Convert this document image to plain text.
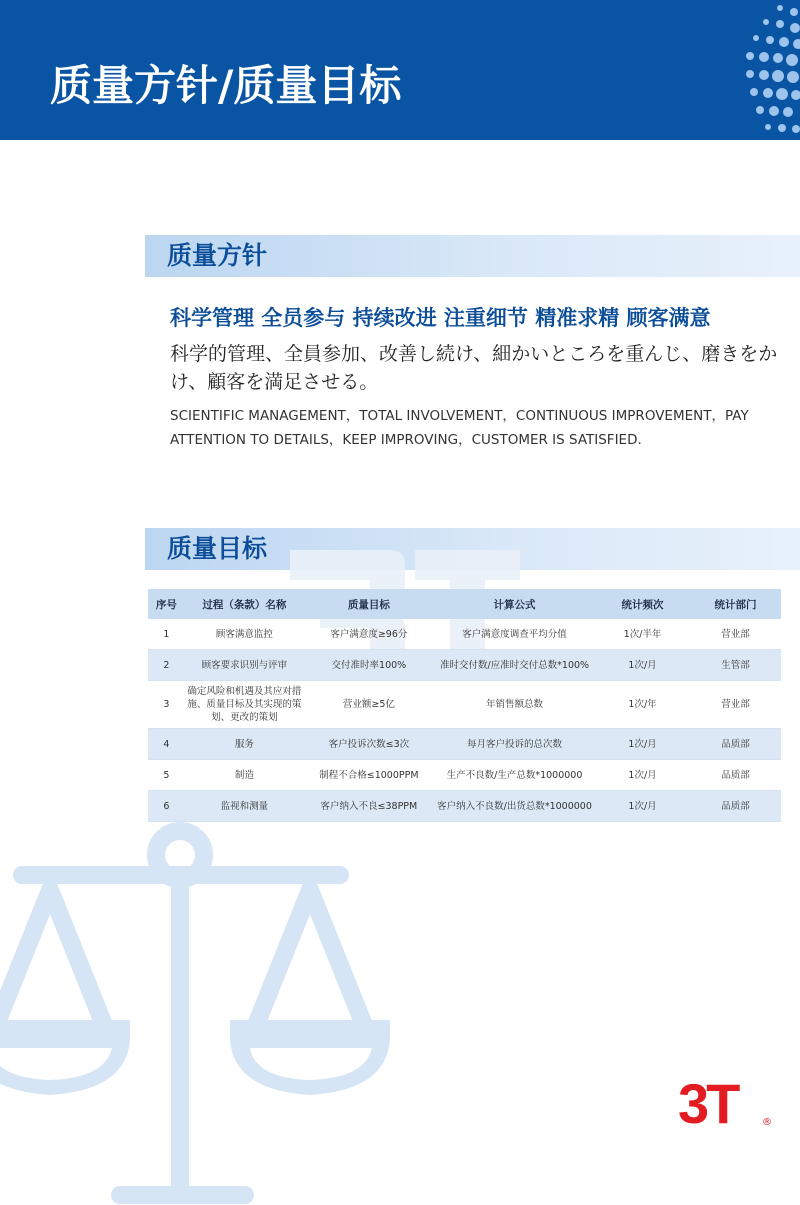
质量方针/质量目标
质量方针
科学管理 全员参与 持续改进 注重细节 精准求精 顾客满意
科学的管理、全員参加、改善し続け、細かいところを重んじ、磨きをかけ、顧客を満足させる。
SCIENTIFIC MANAGEMENT，TOTAL INVOLVEMENT，CONTINUOUS IMPROVEMENT，PAY ATTENTION TO DETAILS，KEEP IMPROVING，CUSTOMER IS SATISFIED.
质量目标
序号	过程（条款）名称	质量目标	计算公式	统计频次	统计部门
1	顾客满意监控	客户满意度≥96分	客户满意度调查平均分值	1次/半年	营业部
2	顾客要求识别与评审	交付准时率100%	准时交付数/应准时交付总数*100%	1次/月	生管部
3	确定风险和机遇及其应对措施、质量目标及其实现的策划、更改的策划	营业额≥5亿	年销售额总数	1次/年	营业部
4	服务	客户投诉次数≤3次	每月客户投诉的总次数	1次/月	品质部
5	制造	制程不合格≤1000PPM	生产不良数/生产总数*1000000	1次/月	品质部
6	监视和测量	客户纳入不良≤38PPM	客户纳入不良数/出货总数*1000000	1次/月	品质部
3T ®
